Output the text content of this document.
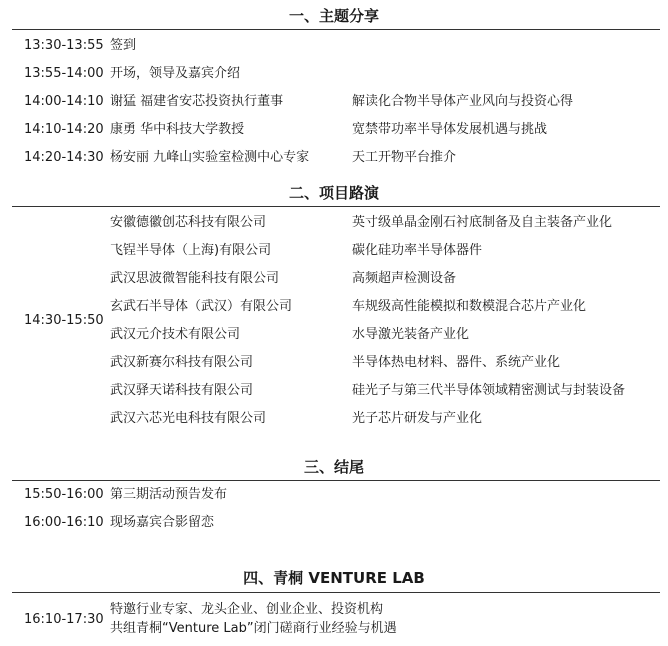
一、主题分享
13:30-13:55 签到
13:55-14:00 开场，领导及嘉宾介绍
14:00-14:10 谢猛 福建省安芯投资执行董事	解读化合物半导体产业风向与投资心得
14:10-14:20 康勇 华中科技大学教授	宽禁带功率半导体发展机遇与挑战
14:20-14:30 杨安丽 九峰山实验室检测中心专家	天工开物平台推介
二、项目路演
14:30-15:50
安徽德徽创芯科技有限公司	英寸级单晶金刚石衬底制备及自主装备产业化
飞锃半导体（上海)有限公司	碳化硅功率半导体器件
武汉思波微智能科技有限公司	高频超声检测设备
玄武石半导体（武汉）有限公司	车规级高性能模拟和数模混合芯片产业化
武汉元介技术有限公司	水导激光装备产业化
武汉新赛尔科技有限公司	半导体热电材料、器件、系统产业化
武汉驿天诺科技有限公司	硅光子与第三代半导体领域精密测试与封装设备
武汉六芯光电科技有限公司	光子芯片研发与产业化
三、结尾
15:50-16:00 第三期活动预告发布
16:00-16:10 现场嘉宾合影留恋
四、青桐 VENTURE LAB
16:10-17:30
特邀行业专家、龙头企业、创业企业、投资机构
共组青桐“Venture Lab”闭门磋商行业经验与机遇
